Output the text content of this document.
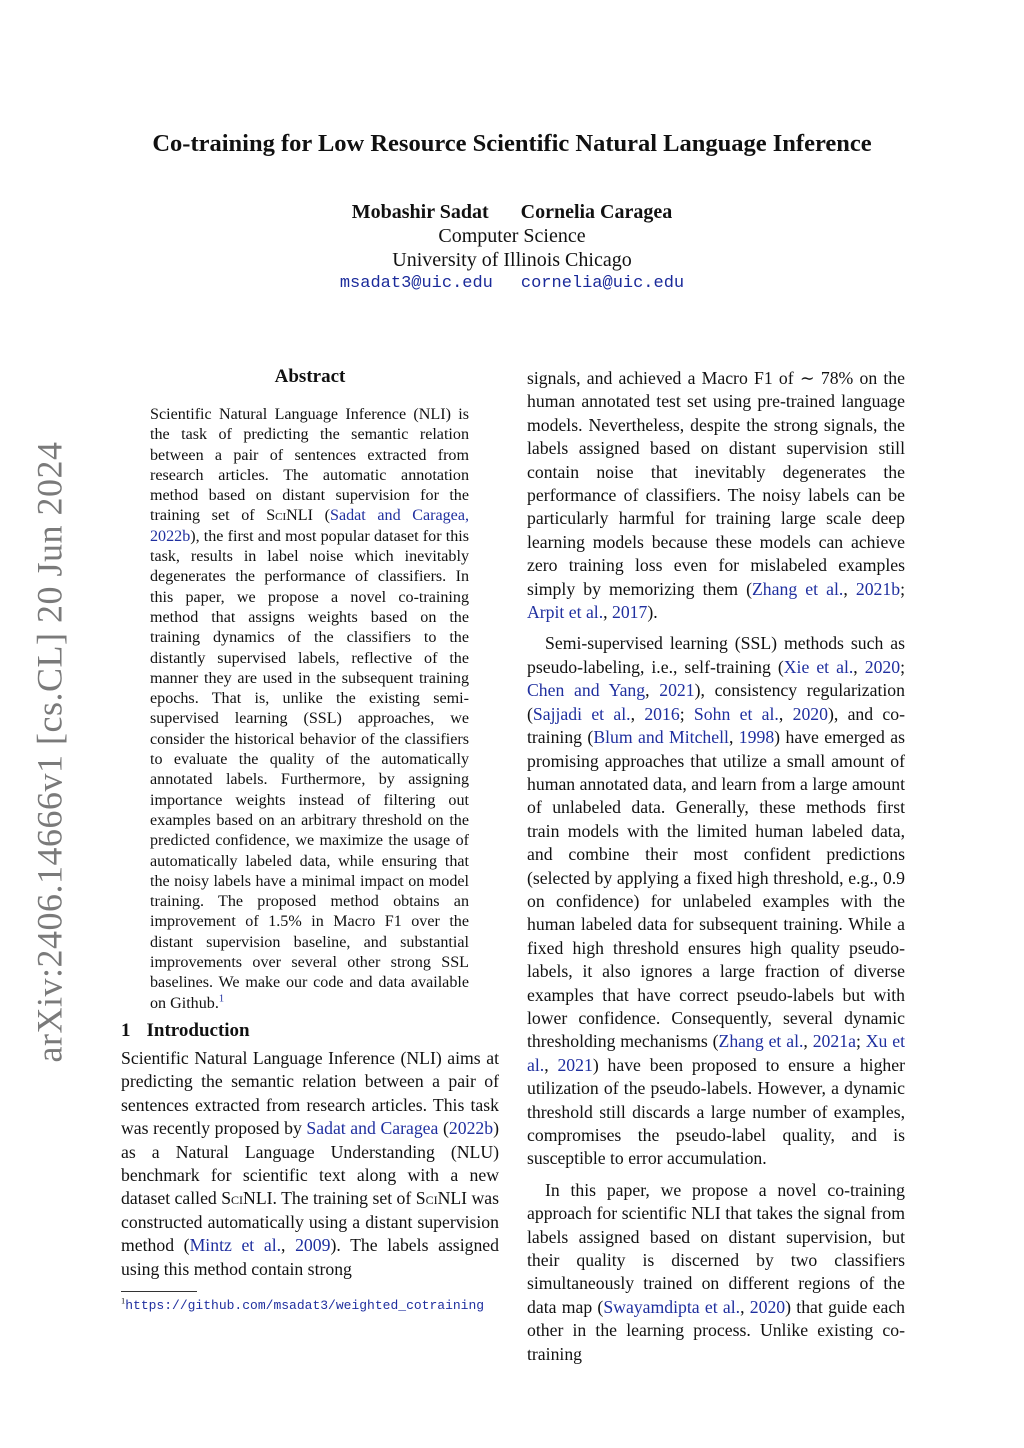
arXiv:2406.14666v1 [cs.CL] 20 Jun 2024
Co-training for Low Resource Scientific Natural Language Inference
Mobashir Sadat Cornelia Caragea
Computer Science
University of Illinois Chicago
msadat3@uic.edu cornelia@uic.edu
Abstract
Scientific Natural Language Inference (NLI) is the task of predicting the semantic relation between a pair of sentences extracted from research articles. The automatic annotation method based on distant supervision for the training set of SciNLI (Sadat and Caragea, 2022b), the first and most popular dataset for this task, results in label noise which inevitably degenerates the performance of classifiers. In this paper, we propose a novel co-training method that assigns weights based on the training dynamics of the classifiers to the distantly supervised labels, reflective of the manner they are used in the subsequent training epochs. That is, unlike the existing semi-supervised learning (SSL) approaches, we consider the historical behavior of the classifiers to evaluate the quality of the automatically annotated labels. Furthermore, by assigning importance weights instead of filtering out examples based on an arbitrary threshold on the predicted confidence, we maximize the usage of automatically labeled data, while ensuring that the noisy labels have a minimal impact on model training. The proposed method obtains an improvement of 1.5% in Macro F1 over the distant supervision baseline, and substantial improvements over several other strong SSL baselines. We make our code and data available on Github.$^1$
1 Introduction
Scientific Natural Language Inference (NLI) aims at predicting the semantic relation between a pair of sentences extracted from research articles. This task was recently proposed by Sadat and Caragea (2022b) as a Natural Language Understanding (NLU) benchmark for scientific text along with a new dataset called SciNLI. The training set of SciNLI was constructed automatically using a distant supervision method (Mintz et al., 2009). The labels assigned using this method contain strong

signals, and achieved a Macro F1 of ∼ 78% on the human annotated test set using pre-trained language models. Nevertheless, despite the strong signals, the labels assigned based on distant supervision still contain noise that inevitably degenerates the performance of classifiers. The noisy labels can be particularly harmful for training large scale deep learning models because these models can achieve zero training loss even for mislabeled examples simply by memorizing them (Zhang et al., 2021b; Arpit et al., 2017).

Semi-supervised learning (SSL) methods such as pseudo-labeling, i.e., self-training (Xie et al., 2020; Chen and Yang, 2021), consistency regularization (Sajjadi et al., 2016; Sohn et al., 2020), and co-training (Blum and Mitchell, 1998) have emerged as promising approaches that utilize a small amount of human annotated data, and learn from a large amount of unlabeled data. Generally, these methods first train models with the limited human labeled data, and combine their most confident predictions (selected by applying a fixed high threshold, e.g., 0.9 on confidence) for unlabeled examples with the human labeled data for subsequent training. While a fixed high threshold ensures high quality pseudo-labels, it also ignores a large fraction of diverse examples that have correct pseudo-labels but with lower confidence. Consequently, several dynamic thresholding mechanisms (Zhang et al., 2021a; Xu et al., 2021) have been proposed to ensure a higher utilization of the pseudo-labels. However, a dynamic threshold still discards a large number of examples, compromises the pseudo-label quality, and is susceptible to error accumulation.

In this paper, we propose a novel co-training approach for scientific NLI that takes the signal from labels assigned based on distant supervision, but their quality is discerned by two classifiers simultaneously trained on different regions of the data map (Swayamdipta et al., 2020) that guide each other in the learning process. Unlike existing co-training

$^1$https://github.com/msadat3/weighted_cotraining
